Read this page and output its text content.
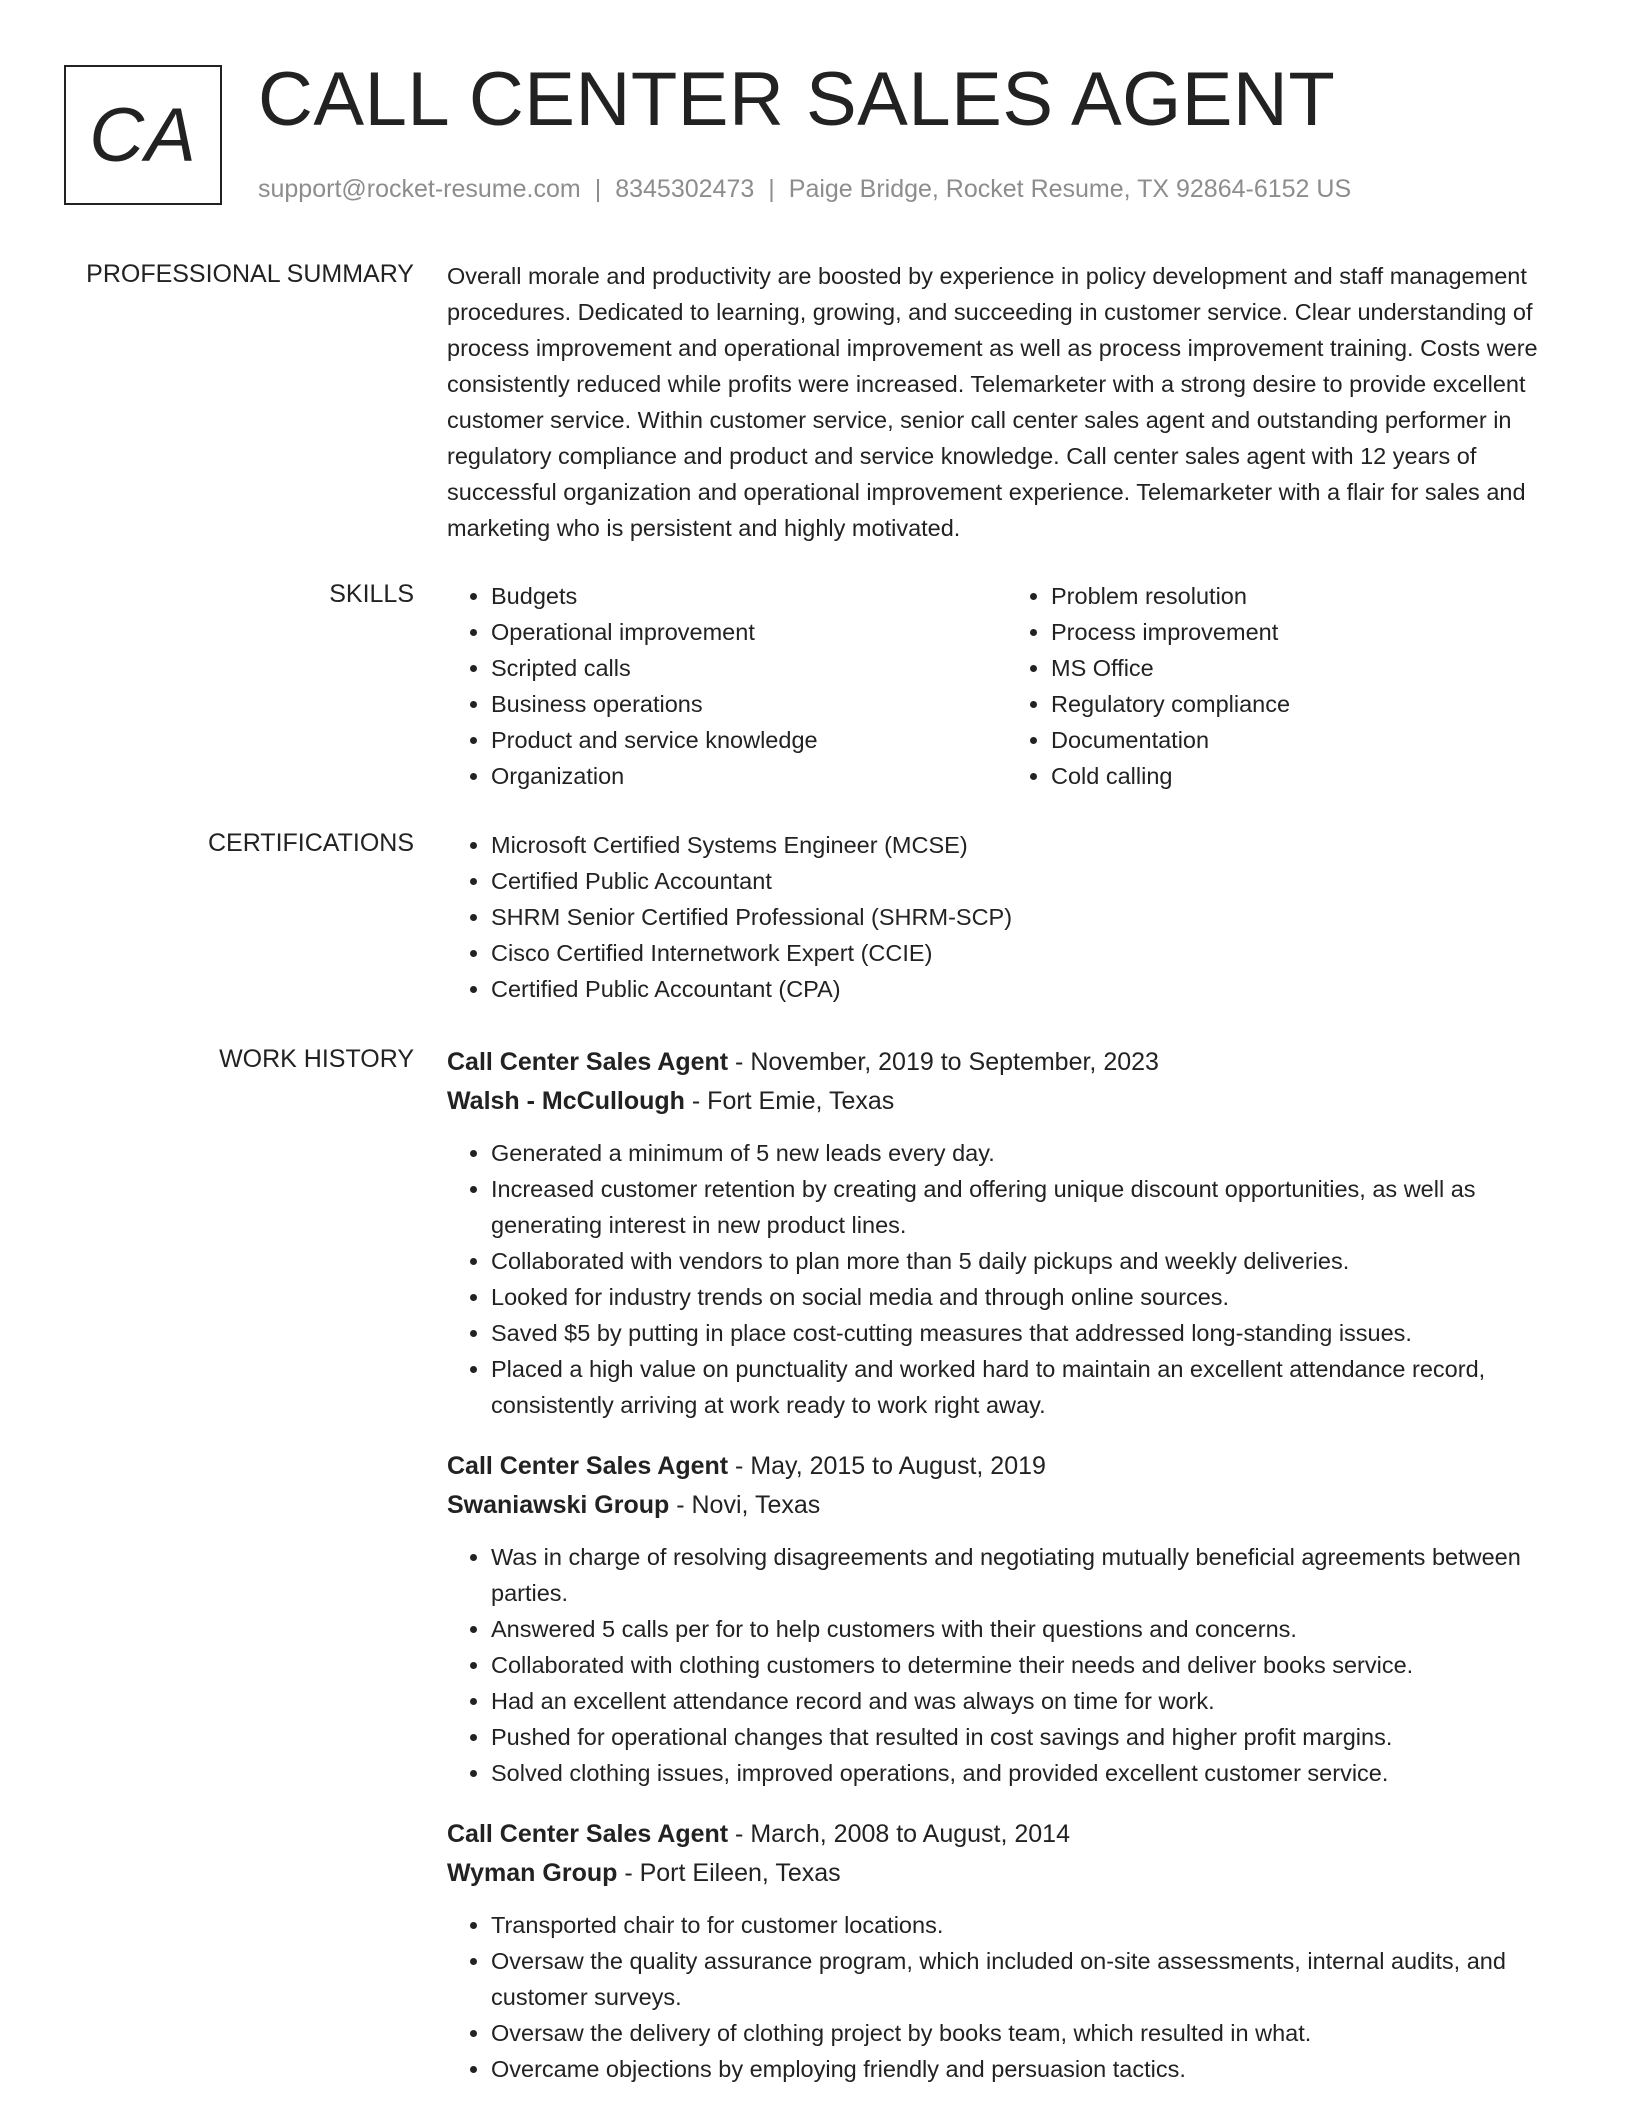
CA CALL CENTER SALES AGENT
support@rocket-resume.com | 8345302473 | Paige Bridge, Rocket Resume, TX 92864-6152 US
PROFESSIONAL SUMMARY Overall morale and productivity are boosted by experience in policy development and staff management procedures. Dedicated to learning, growing, and succeeding in customer service. Clear understanding of process improvement and operational improvement as well as process improvement training. Costs were consistently reduced while profits were increased. Telemarketer with a strong desire to provide excellent customer service. Within customer service, senior call center sales agent and outstanding performer in regulatory compliance and product and service knowledge. Call center sales agent with 12 years of successful organization and operational improvement experience. Telemarketer with a flair for sales and marketing who is persistent and highly motivated.

SKILLS	• Budgets
• Operational improvement
• Scripted calls
• Business operations
• Product and service knowledge
• Organization
• Problem resolution
• Process improvement
• MS Office
• Regulatory compliance
• Documentation
• Cold calling
CERTIFICATIONS	• Microsoft Certified Systems Engineer (MCSE)
• Certified Public Accountant
• SHRM Senior Certified Professional (SHRM-SCP)
• Cisco Certified Internetwork Expert (CCIE)
• Certified Public Accountant (CPA)
WORK HISTORY Call Center Sales Agent - November, 2019 to September, 2023
Walsh - McCullough - Fort Emie, Texas
• Generated a minimum of 5 new leads every day.
• Increased customer retention by creating and offering unique discount opportunities, as well as generating interest in new product lines.
• Collaborated with vendors to plan more than 5 daily pickups and weekly deliveries.
• Looked for industry trends on social media and through online sources.
• Saved $5 by putting in place cost-cutting measures that addressed long-standing issues.
• Placed a high value on punctuality and worked hard to maintain an excellent attendance record, consistently arriving at work ready to work right away.
Call Center Sales Agent - May, 2015 to August, 2019
Swaniawski Group - Novi, Texas
• Was in charge of resolving disagreements and negotiating mutually beneficial agreements between parties.
• Answered 5 calls per for to help customers with their questions and concerns.
• Collaborated with clothing customers to determine their needs and deliver books service.
• Had an excellent attendance record and was always on time for work.
• Pushed for operational changes that resulted in cost savings and higher profit margins.
• Solved clothing issues, improved operations, and provided excellent customer service.
Call Center Sales Agent - March, 2008 to August, 2014
Wyman Group - Port Eileen, Texas
• Transported chair to for customer locations.
• Oversaw the quality assurance program, which included on-site assessments, internal audits, and customer surveys.
• Oversaw the delivery of clothing project by books team, which resulted in what.
• Overcame objections by employing friendly and persuasion tactics.
